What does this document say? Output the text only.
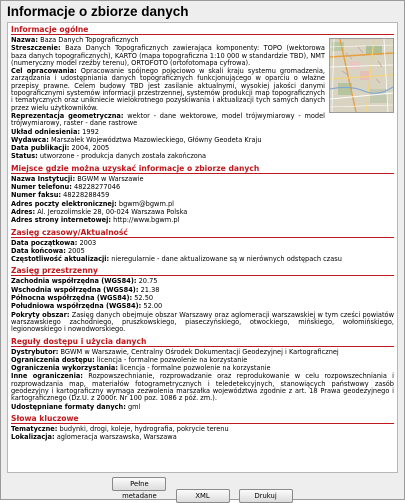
Informacje o zbiorze danych
Informacje ogólne
Nazwa: Baza Danych Topograficznych
Streszczenie: Baza Danych Topograficznych zawierająca komponenty: TOPO (wektorowa baza danych topograficznych), KARTO (mapa topograficzna 1:10 000 w standardzie TBD), NMT (numeryczny model rzeźby terenu), ORTOFOTO (ortofotomapa cyfrowa).
Cel opracowania: Opracowanie spójnego pojęciowo w skali kraju systemu gromadzenia, zarządzania i udostępniania danych topograficznych funkcjonującego w oparciu o włażne przepisy prawne. Celem budowy TBD jest zasilanie aktualnymi, wysokiej jakości danymi topograficznymi systemów informacji przestrzennej, systemów produkcji map topograficznych i tematycznych oraz unikniecie wielokrotnego pozyskiwania i aktualizacji tych samych danych przez wielu użytkowników.
Reprezentacja geometryczna: wektor - dane wektorowe, model trójwymiarowy - model trójwymiarowy, raster - dane rastrowe
Układ odniesienia: 1992
Wydawca: Marszałek Województwa Mazowieckiego, Główny Geodeta Kraju
Data publikacji: 2004, 2005
Status: utworzone - produkcja danych została zakończona
Miejsce gdzie można uzyskać informacje o zbiorze danych
Nazwa Instytucji: BGWM w Warszawie
Numer telefonu: 48228277046
Numer faksu: 48228288459
Adres poczty elektronicznej: bgwm@bgwm.pl
Adres: Al. Jerozolimskie 28, 00-024 Warszawa Polska
Adres strony internetowej: http://www.bgwm.pl
Zasięg czasowy/Aktualność
Data początkowa: 2003
Data końcowa: 2005
Częstotliwość aktualizacji: nieregularnie - dane aktualizowane są w nierównych odstępach czasu
Zasięg przestrzenny
Zachodnia współrzędna (WGS84): 20.75
Wschodnia współrzędna (WGS84): 21.38
Północna współrzędna (WGS84): 52.50
Południowa współrzędna (WGS84): 52.00
Pokryty obszar: Zasięg danych obejmuje obszar Warszawy oraz aglomeracji warszawskiej w tym cześci powiatów warszawskiego zachodniego, pruszkowskiego, piaseczyńskiego, otwockiego, mińskiego, wołomińskiego, legionowskiego i nowodworskiego.
Reguły dostępu i użycia danych
Dystrybutor: BGWM w Warszawie, Centralny Ośrodek Dokumentacji Geodezyjnej i Kartograficznej
Ograniczenia dostępu: licencja - formalne pozwolenie na korzystanie
Ograniczenia wykorzystania: licencja - formalne pozwolenie na korzystanie
Inne ograniczenia: Rozpowszechnianie, rozprowadzanie oraz reprodukowanie w celu rozpowszechniania i rozprowadzania map, materiałów fotogrametrycznych i teledetekcyjnych, stanowiących państwowy zasób geodezyjny i kartograficzny wymaga zezwolenia marszałka województwa zgodnie z art. 18 Prawa geodezyjnego i kartograficznego (Dz.U. z 2000r. Nr 100 poz. 1086 z póź. zm.).
Udostępniane formaty danych: gml
Słowa kluczowe
Tematyczne: budynki, drogi, koleje, hydrografia, pokrycie terenu
Lokalizacja: aglomeracja warszawska, Warszawa
Pełne metadane	XML	Drukuj
